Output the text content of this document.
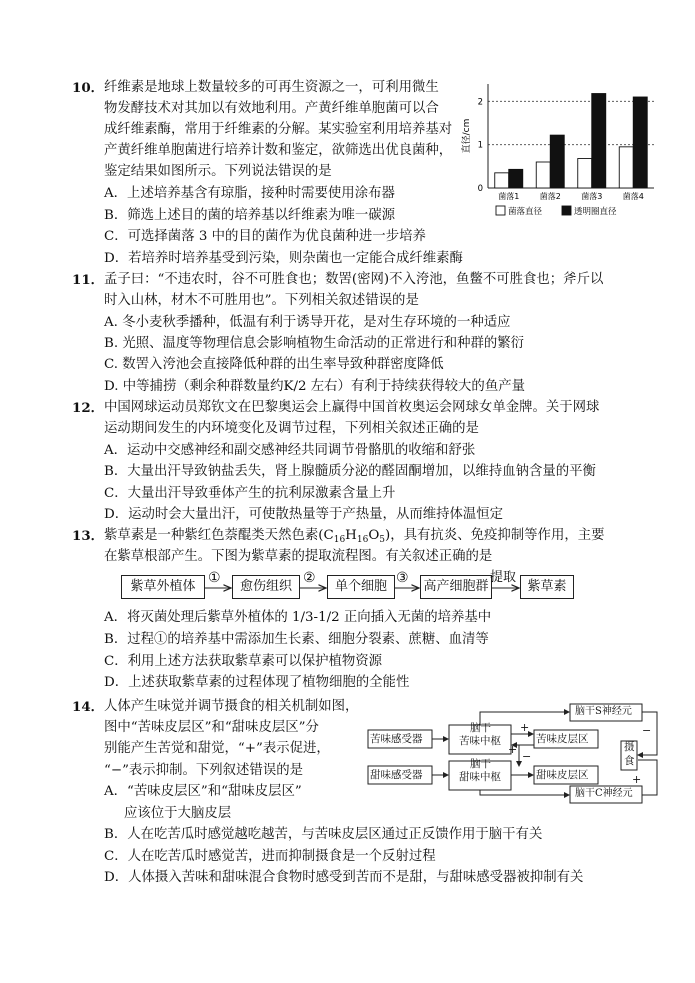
10． 纤维素是地球上数量较多的可再生资源之一，可利用微生
物发酵技术对其加以有效地利用。产黄纤维单胞菌可以合
成纤维素酶，常用于纤维素的分解。某实验室利用培养基对
产黄纤维单胞菌进行培养计数和鉴定，欲筛选出优良菌种，
鉴定结果如图所示。下列说法错误的是
A．上述培养基含有琼脂，接种时需要使用涂布器
B．筛选上述目的菌的培养基以纤维素为唯一碳源
C．可选择菌落 3 中的目的菌作为优良菌种进一步培养
D．若培养时培养基受到污染，则杂菌也一定能合成纤维素酶
0
1
2
直径/cm
菌落1	菌落2	菌落3	菌落4
菌落直径	透明圈直径
11． 孟子曰：“不违农时，谷不可胜食也；数罟(密网)不入洿池，鱼鳖不可胜食也；斧斤以
时入山林，材木不可胜用也”。下列相关叙述错误的是
A. 冬小麦秋季播种，低温有利于诱导开花，是对生存环境的一种适应
B. 光照、温度等物理信息会影响植物生命活动的正常进行和种群的繁衍
C. 数罟入洿池会直接降低种群的出生率导致种群密度降低
D. 中等捕捞（剩余种群数量约K/2 左右）有利于持续获得较大的鱼产量
12． 中国网球运动员郑钦文在巴黎奥运会上赢得中国首枚奥运会网球女单金牌。关于网球
运动期间发生的内环境变化及调节过程，下列相关叙述正确的是
A．运动中交感神经和副交感神经共同调节骨骼肌的收缩和舒张
B．大量出汗导致钠盐丢失，肾上腺髓质分泌的醛固酮增加，以维持血钠含量的平衡
C．大量出汗导致垂体产生的抗利尿激素含量上升
D．运动时会大量出汗，可使散热量等于产热量，从而维持体温恒定
13． 紫草素是一种紫红色萘醌类天然色素$(C_{16}H_{16}O_5)$，具有抗炎、免疫抑制等作用，主要
在紫草根部产生。下图为紫草素的提取流程图。有关叙述正确的是
紫草外植体	愈伤组织	单个细胞	高产细胞群	紫草素
①	②	③	提取
A．将灭菌处理后紫草外植体的 1/3-1/2 正向插入无菌的培养基中
B．过程①的培养基中需添加生长素、细胞分裂素、蔗糖、血清等
C．利用上述方法获取紫草素可以保护植物资源
D．上述获取紫草素的过程体现了植物细胞的全能性
14． 人体产生味觉并调节摄食的相关机制如图，
图中“苦味皮层区”和“甜味皮层区”分
别能产生苦觉和甜觉，“+”表示促进，
“−”表示抑制。下列叙述错误的是
A．“苦味皮层区”和“甜味皮层区”
应该位于大脑皮层
苦味感受器
甜味感受器
脑干
苦味中枢
脑干
甜味中枢
苦味皮层区
甜味皮层区
脑干S神经元
脑干C神经元
摄
食
+
+
−
−
+
B．人在吃苦瓜时感觉越吃越苦，与苦味皮层区通过正反馈作用于脑干有关
C．人在吃苦瓜时感觉苦，进而抑制摄食是一个反射过程
D．人体摄入苦味和甜味混合食物时感受到苦而不是甜，与甜味感受器被抑制有关
